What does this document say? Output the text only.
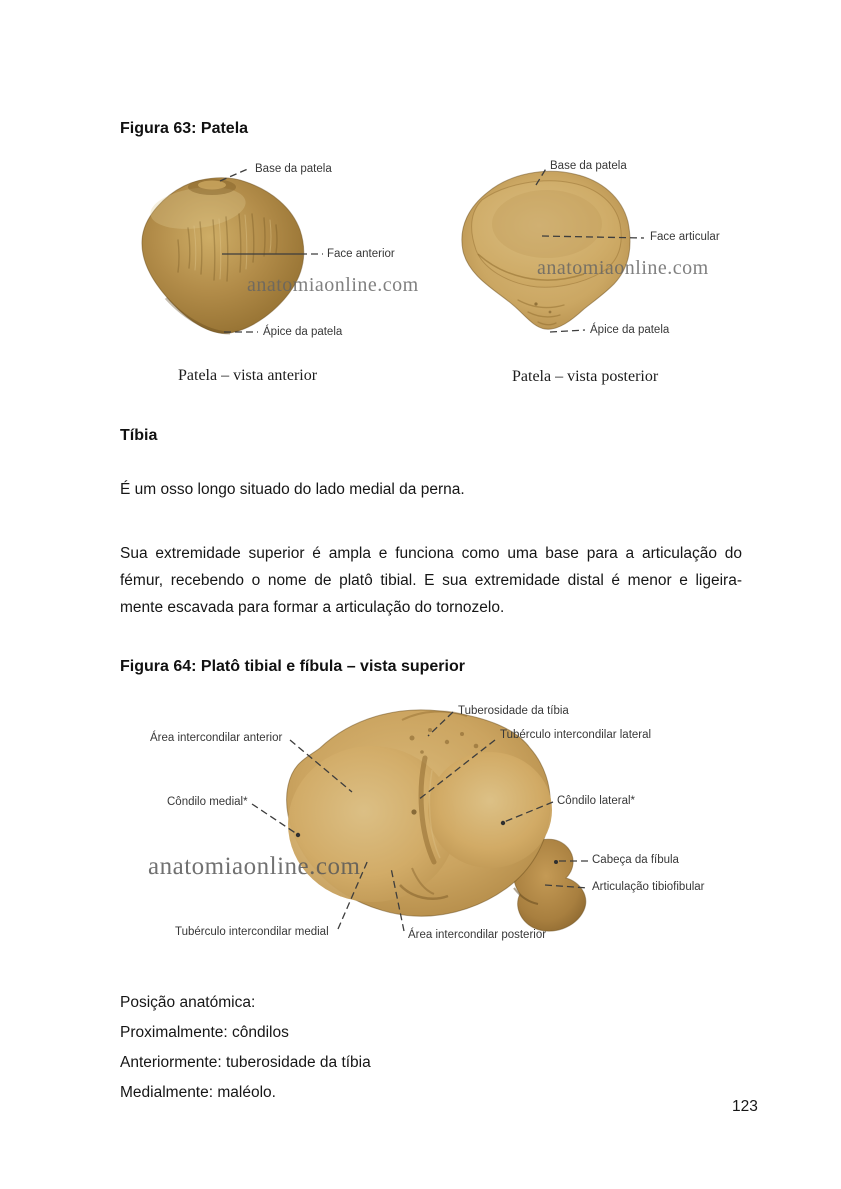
Figura 63: Patela
Base da patela
Face anterior
Ápice da patela
anatomiaonline.com
Patela – vista anterior
Base da patela
Face articular
Ápice da patela
anatomiaonline.com
Patela – vista posterior
Tíbia
É um osso longo situado do lado medial da perna.
Sua extremidade superior é ampla e funciona como uma base para a articulação do
fémur, recebendo o nome de platô tibial. E sua extremidade distal é menor e ligeira-
mente escavada para formar a articulação do tornozelo.
Figura 64: Platô tibial e fíbula – vista superior
Tuberosidade da tíbia
Tubérculo intercondilar lateral
Área intercondilar anterior
Côndilo medial*	Côndilo lateral*
Cabeça da fíbula
Articulação tibiofibular
Tubérculo intercondilar medial	Área intercondilar posterior
anatomiaonline.com
Posição anatómica:
Proximalmente: côndilos
Anteriormente: tuberosidade da tíbia
Medialmente: maléolo.
123
